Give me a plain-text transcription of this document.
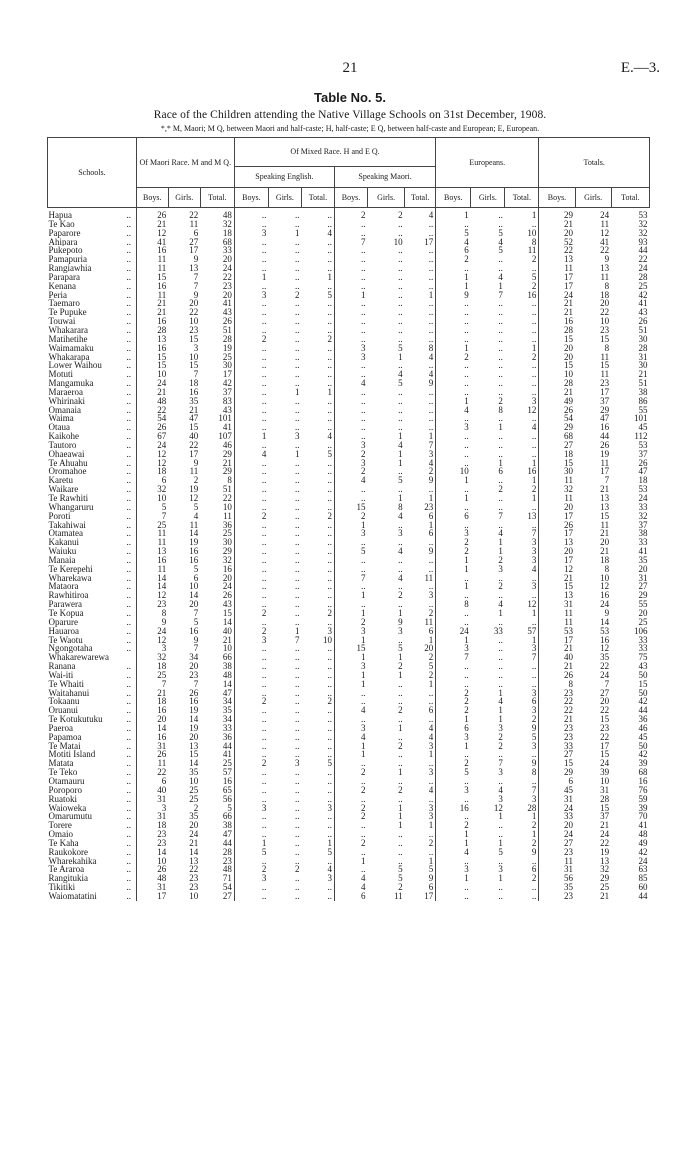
21	E.—3.
Table No. 5.
Race of the Children attending the Native Village Schools on 31st December, 1908.
*,* M, Maori; M Q, between Maori and half-caste; H, half-caste; E Q, between half-caste and European; E, European.
Schools.		Of Maori Race. M and M Q.			Of Mixed Race. H and E Q.						Europeans.			Totals.		
					Speaking English.			Speaking Maori.								
		Boys.	Girls.	Total.	Boys.	Girls.	Total.	Boys.	Girls.	Total.	Boys.	Girls.	Total.	Boys.	Girls.	Total.
Hapua	..	26	22	48	..	..	..	2	2	4	1	..	1	29	24	53
Te Kao	..	21	11	32	..	..	..	..	..	..	..	..	..	21	11	32
Paparore	..	12	6	18	3	1	4	..	..	..	5	5	10	20	12	32
Ahipara	..	41	27	68	..	..	..	7	10	17	4	4	8	52	41	93
Pukepoto	..	16	17	33	..	..	..	..	..	..	6	5	11	22	22	44
Pamapuria	..	11	9	20	..	..	..	..	..	..	2	..	2	13	9	22
Rangiawhia	..	11	13	24	..	..	..	..	..	..	..	..	..	11	13	24
Parapara	..	15	7	22	1	..	1	..	..	..	1	4	5	17	11	28
Kenana	..	16	7	23	..	..	..	..	..	..	1	1	2	17	8	25
Peria	..	11	9	20	3	2	5	1	..	1	9	7	16	24	18	42
Taemaro	..	21	20	41	..	..	..	..	..	..	..	..	..	21	20	41
Te Pupuke	..	21	22	43	..	..	..	..	..	..	..	..	..	21	22	43
Touwai	..	16	10	26	..	..	..	..	..	..	..	..	..	16	10	26
Whakarara	..	28	23	51	..	..	..	..	..	..	..	..	..	28	23	51
Matihetihe	..	13	15	28	2	..	2	..	..	..	..	..	..	15	15	30
Waimamaku	..	16	3	19	..	..	..	3	5	8	1	..	1	20	8	28
Whakarapa	..	15	10	25	..	..	..	3	1	4	2	..	2	20	11	31
Lower Waihou	..	15	15	30	..	..	..	..	..	..	..	..	..	15	15	30
Motuti	..	10	7	17	..	..	..	..	4	4	..	..	..	10	11	21
Mangamuka	..	24	18	42	..	..	..	4	5	9	..	..	..	28	23	51
Maraeroa	..	21	16	37	..	1	1	..	..	..	..	..	..	21	17	38
Whirinaki	..	48	35	83	..	..	..	..	..	..	1	2	3	49	37	86
Omanaia	..	22	21	43	..	..	..	..	..	..	4	8	12	26	29	55
Waima	..	54	47	101	..	..	..	..	..	..	..	..	..	54	47	101
Otaua	..	26	15	41	..	..	..	..	..	..	3	1	4	29	16	45
Kaikohe	..	67	40	107	1	3	4	..	1	1	..	..	..	68	44	112
Tautoro	..	24	22	46	..	..	..	3	4	7	..	..	..	27	26	53
Ohaeawai	..	12	17	29	4	1	5	2	1	3	..	..	..	18	19	37
Te Ahuahu	..	12	9	21	..	..	..	3	1	4	..	1	1	15	11	26
Oromahoe	..	18	11	29	..	..	..	2	..	2	10	6	16	30	17	47
Karetu	..	6	2	8	..	..	..	4	5	9	1	..	1	11	7	18
Waikare	..	32	19	51	..	..	..	..	..	..	..	2	2	32	21	53
Te Rawhiti	..	10	12	22	..	..	..	..	1	1	1	..	1	11	13	24
Whangaruru	..	5	5	10	..	..	..	15	8	23	..	..	..	20	13	33
Poroti	..	7	4	11	2	..	2	2	4	6	6	7	13	17	15	32
Takahiwai	..	25	11	36	..	..	..	1	..	1	..	..	..	26	11	37
Otamatea	..	11	14	25	..	..	..	3	3	6	3	4	7	17	21	38
Kakanui	..	11	19	30	..	..	..	..	..	..	2	1	3	13	20	33
Waiuku	..	13	16	29	..	..	..	5	4	9	2	1	3	20	21	41
Manaia	..	16	16	32	..	..	..	..	..	..	1	2	3	17	18	35
Te Kerepehi	..	11	5	16	..	..	..	..	..	..	1	3	4	12	8	20
Wharekawa	..	14	6	20	..	..	..	7	4	11	..	..	..	21	10	31
Mataora	..	14	10	24	..	..	..	..	..	..	1	2	3	15	12	27
Rawhitiroa	..	12	14	26	..	..	..	1	2	3	..	..	..	13	16	29
Parawera	..	23	20	43	..	..	..	..	..	..	8	4	12	31	24	55
Te Kopua	..	8	7	15	2	..	2	1	1	2	..	1	1	11	9	20
Oparure	..	9	5	14	..	..	..	2	9	11	..	..	..	11	14	25
Hauaroa	..	24	16	40	2	1	3	3	3	6	24	33	57	53	53	106
Te Waotu	..	12	9	21	3	7	10	1	..	1	1	..	1	17	16	33
Ngongotaha	..	3	7	10	..	..	..	15	5	20	3	..	3	21	12	33
Whakarewarewa		32	34	66	..	..	..	1	1	2	7	..	7	40	35	75
Ranana	..	18	20	38	..	..	..	3	2	5	..	..	..	21	22	43
Wai-iti	..	25	23	48	..	..	..	1	1	2	..	..	..	26	24	50
Te Whaiti	..	7	7	14	..	..	..	1	..	1	..	..	..	8	7	15
Waitahanui	..	21	26	47	..	..	..	..	..	..	2	1	3	23	27	50
Tokaanu	..	18	16	34	2	..	2	..	..	..	2	4	6	22	20	42
Oruanui	..	16	19	35	..	..	..	4	2	6	2	1	3	22	22	44
Te Kotukutuku	..	20	14	34	..	..	..	..	..	..	1	1	2	21	15	36
Paeroa	..	14	19	33	..	..	..	3	1	4	6	3	9	23	23	46
Papamoa	..	16	20	36	..	..	..	4	..	4	3	2	5	23	22	45
Te Matai	..	31	13	44	..	..	..	1	2	3	1	2	3	33	17	50
Motiti Island	..	26	15	41	..	..	..	1	..	1	..	..	..	27	15	42
Matata	..	11	14	25	2	3	5	..	..	..	2	7	9	15	24	39
Te Teko	..	22	35	57	..	..	..	2	1	3	5	3	8	29	39	68
Otamauru	..	6	10	16	..	..	..	..	..	..	..	..	..	6	10	16
Poroporo	..	40	25	65	..	..	..	2	2	4	3	4	7	45	31	76
Ruatoki	..	31	25	56	..	..	..	..	..	..	..	3	3	31	28	59
Waioweka	..	3	2	5	3	..	3	2	1	3	16	12	28	24	15	39
Omarumutu	..	31	35	66	..	..	..	2	1	3	..	1	1	33	37	70
Torere	..	18	20	38	..	..	..	..	1	1	2	..	2	20	21	41
Omaio	..	23	24	47	..	..	..	..	..	..	1	..	1	24	24	48
Te Kaha	..	23	21	44	1	..	1	2	..	2	1	1	2	27	22	49
Raukokore	..	14	14	28	5	..	5	..	..	..	4	5	9	23	19	42
Wharekahika	..	10	13	23	..	..	..	1	..	1	..	..	..	11	13	24
Te Araroa	..	26	22	48	2	2	4	..	5	5	3	3	6	31	32	63
Rangitukia	..	48	23	71	3	..	3	4	5	9	1	1	2	56	29	85
Tikitiki	..	31	23	54	..	..	..	4	2	6	..	..	..	35	25	60
Waiomatatini	..	17	10	27	..	..	..	6	11	17	..	..	..	23	21	44
